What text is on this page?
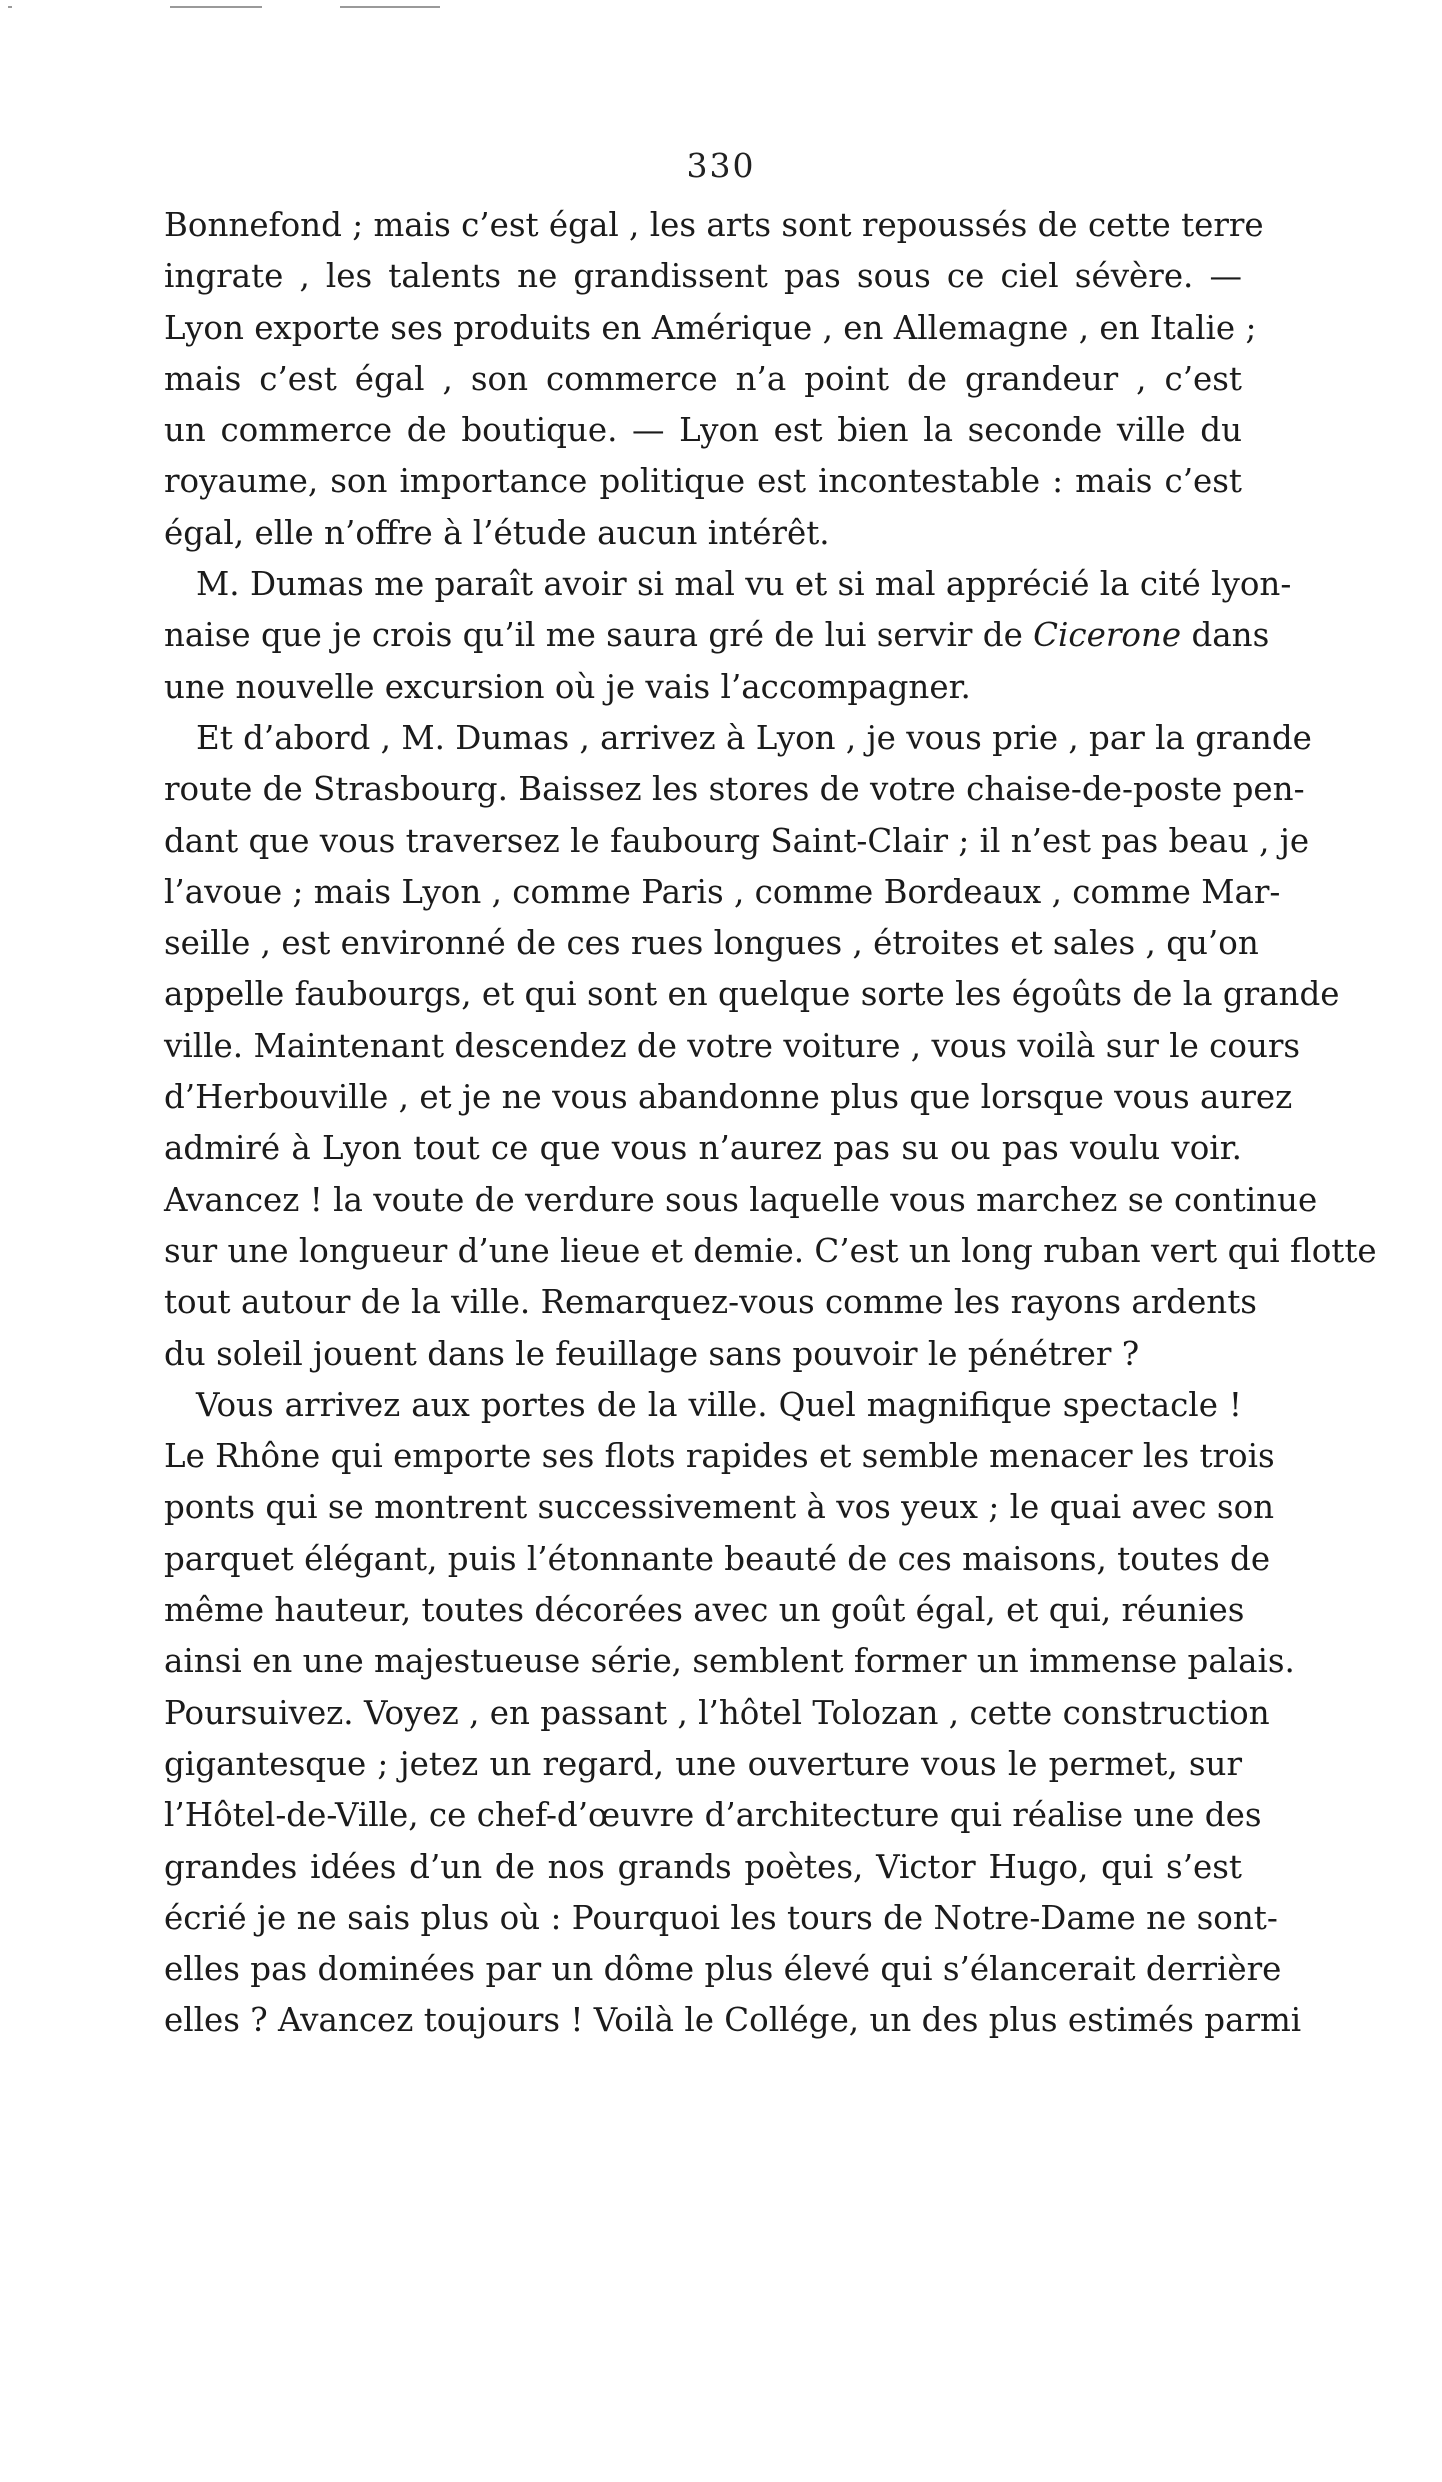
330
Bonnefond ; mais c’est égal , les arts sont repoussés de cette terre
ingrate , les talents ne grandissent pas sous ce ciel sévère. —
Lyon exporte ses produits en Amérique , en Allemagne , en Italie ;
mais c’est égal , son commerce n’a point de grandeur , c’est
un commerce de boutique. — Lyon est bien la seconde ville du
royaume, son importance politique est incontestable : mais c’est
égal, elle n’offre à l’étude aucun intérêt.
M. Dumas me paraît avoir si mal vu et si mal apprécié la cité lyon-
naise que je crois qu’il me saura gré de lui servir de Cicerone dans
une nouvelle excursion où je vais l’accompagner.
Et d’abord , M. Dumas , arrivez à Lyon , je vous prie , par la grande
route de Strasbourg. Baissez les stores de votre chaise-de-poste pen-
dant que vous traversez le faubourg Saint-Clair ; il n’est pas beau , je
l’avoue ; mais Lyon , comme Paris , comme Bordeaux , comme Mar-
seille , est environné de ces rues longues , étroites et sales , qu’on
appelle faubourgs, et qui sont en quelque sorte les égoûts de la grande
ville. Maintenant descendez de votre voiture , vous voilà sur le cours
d’Herbouville , et je ne vous abandonne plus que lorsque vous aurez
admiré à Lyon tout ce que vous n’aurez pas su ou pas voulu voir.
Avancez ! la voute de verdure sous laquelle vous marchez se continue
sur une longueur d’une lieue et demie. C’est un long ruban vert qui flotte
tout autour de la ville. Remarquez-vous comme les rayons ardents
du soleil jouent dans le feuillage sans pouvoir le pénétrer ?
Vous arrivez aux portes de la ville. Quel magnifique spectacle !
Le Rhône qui emporte ses flots rapides et semble menacer les trois
ponts qui se montrent successivement à vos yeux ; le quai avec son
parquet élégant, puis l’étonnante beauté de ces maisons, toutes de
même hauteur, toutes décorées avec un goût égal, et qui, réunies
ainsi en une majestueuse série, semblent former un immense palais.
Poursuivez. Voyez , en passant , l’hôtel Tolozan , cette construction
gigantesque ; jetez un regard, une ouverture vous le permet, sur
l’Hôtel-de-Ville, ce chef-d’œuvre d’architecture qui réalise une des
grandes idées d’un de nos grands poètes, Victor Hugo, qui s’est
écrié je ne sais plus où : Pourquoi les tours de Notre-Dame ne sont-
elles pas dominées par un dôme plus élevé qui s’élancerait derrière
elles ? Avancez toujours ! Voilà le Collége, un des plus estimés parmi
